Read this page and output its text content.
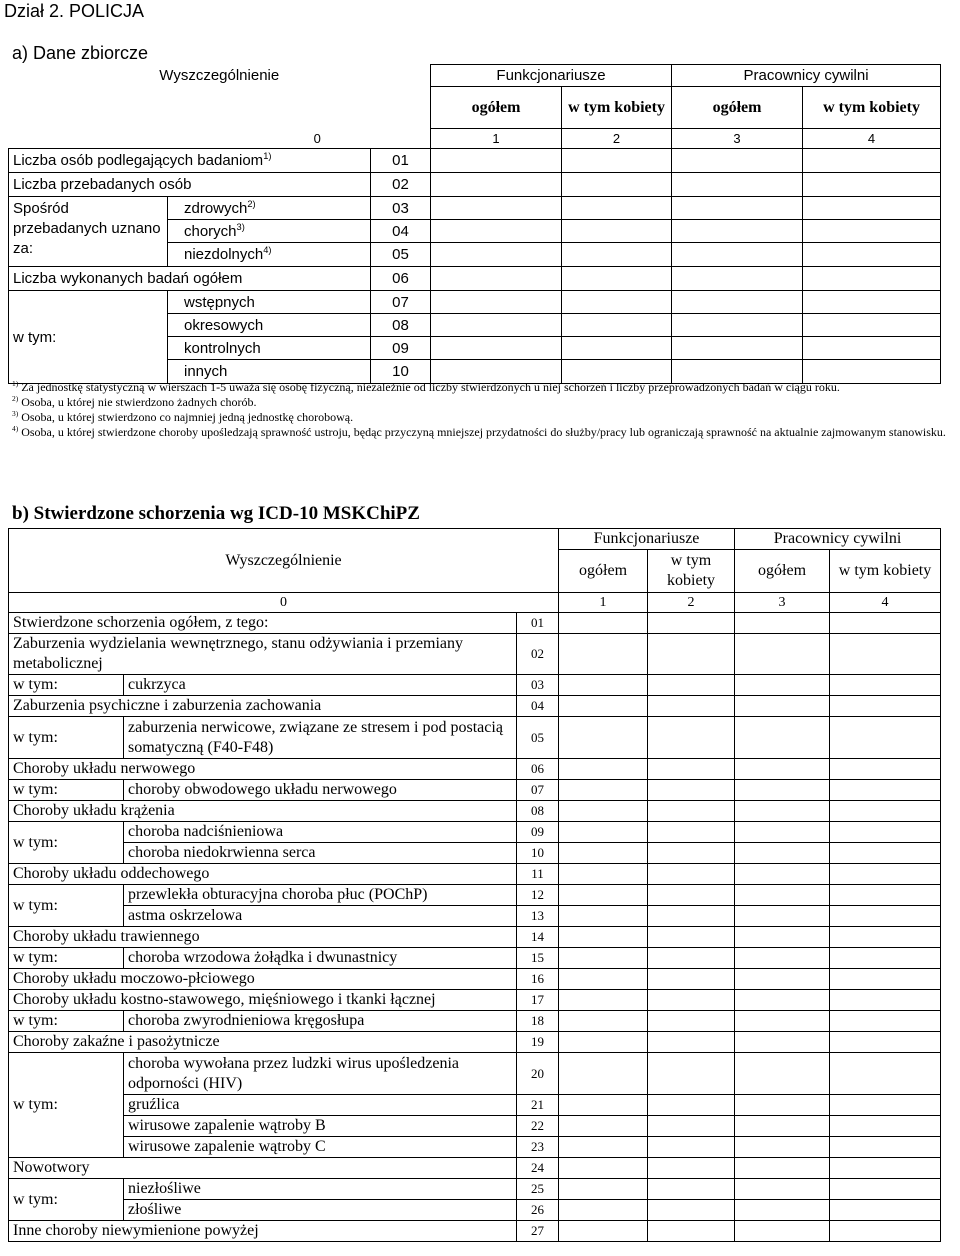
Dział 2. POLICJA
a) Dane zbiorcze
Wyszczególnienie			Funkcjonariusze		Pracownicy cywilni	
			ogółem	w tym kobiety	ogółem	w tym kobiety
0			1	2	3	4
Liczba osób podlegających badaniom$^{1)}$		01				
Liczba przebadanych osób		02				
Spośród przebadanych uznano za:	zdrowych$^{2)}$	03				
	chorych$^{3)}$	04				
	niezdolnych$^{4)}$	05				
Liczba wykonanych badań ogółem		06				
w tym:	wstępnych	07				
	okresowych	08				
	kontrolnych	09				
	innych	10				
$^{1)}$ Za jednostkę statystyczną w wierszach 1-5 uważa się osobę fizyczną, niezależnie od liczby stwierdzonych u niej schorzeń i liczby przeprowadzonych badań w ciągu roku.
$^{2)}$ Osoba, u której nie stwierdzono żadnych chorób.
$^{3)}$ Osoba, u której stwierdzono co najmniej jedną jednostkę chorobową.
$^{4)}$ Osoba, u której stwierdzone choroby upośledzają sprawność ustroju, będąc przyczyną mniejszej przydatności do służby/pracy lub ograniczają sprawność na aktualnie zajmowanym stanowisku.
b) Stwierdzone schorzenia wg ICD-10 MSKChiPZ
Wyszczególnienie			Funkcjonariusze		Pracownicy cywilni	
			ogółem	w tym kobiety	ogółem	w tym kobiety
0			1	2	3	4
Stwierdzone schorzenia ogółem, z tego:		01				
Zaburzenia wydzielania wewnętrznego, stanu odżywiania i przemiany metabolicznej		02				
w tym:	cukrzyca	03				
Zaburzenia psychiczne i zaburzenia zachowania		04				
w tym:	zaburzenia nerwicowe, związane ze stresem i pod postacią somatyczną (F40-F48)	05				
Choroby układu nerwowego		06				
w tym:	choroby obwodowego układu nerwowego	07				
Choroby układu krążenia		08				
w tym:	choroba nadciśnieniowa	09				
	choroba niedokrwienna serca	10				
Choroby układu oddechowego		11				
w tym:	przewlekła obturacyjna choroba płuc (POChP)	12				
	astma oskrzelowa	13				
Choroby układu trawiennego		14				
w tym:	choroba wrzodowa żołądka i dwunastnicy	15				
Choroby układu moczowo-płciowego		16				
Choroby układu kostno-stawowego, mięśniowego i tkanki łącznej		17				
w tym:	choroba zwyrodnieniowa kręgosłupa	18				
Choroby zakaźne i pasożytnicze		19				
w tym:	choroba wywołana przez ludzki wirus upośledzenia odporności (HIV)	20				
	gruźlica	21				
	wirusowe zapalenie wątroby B	22				
	wirusowe zapalenie wątroby C	23				
Nowotwory		24				
w tym:	niezłośliwe	25				
	złośliwe	26				
Inne choroby niewymienione powyżej		27				
